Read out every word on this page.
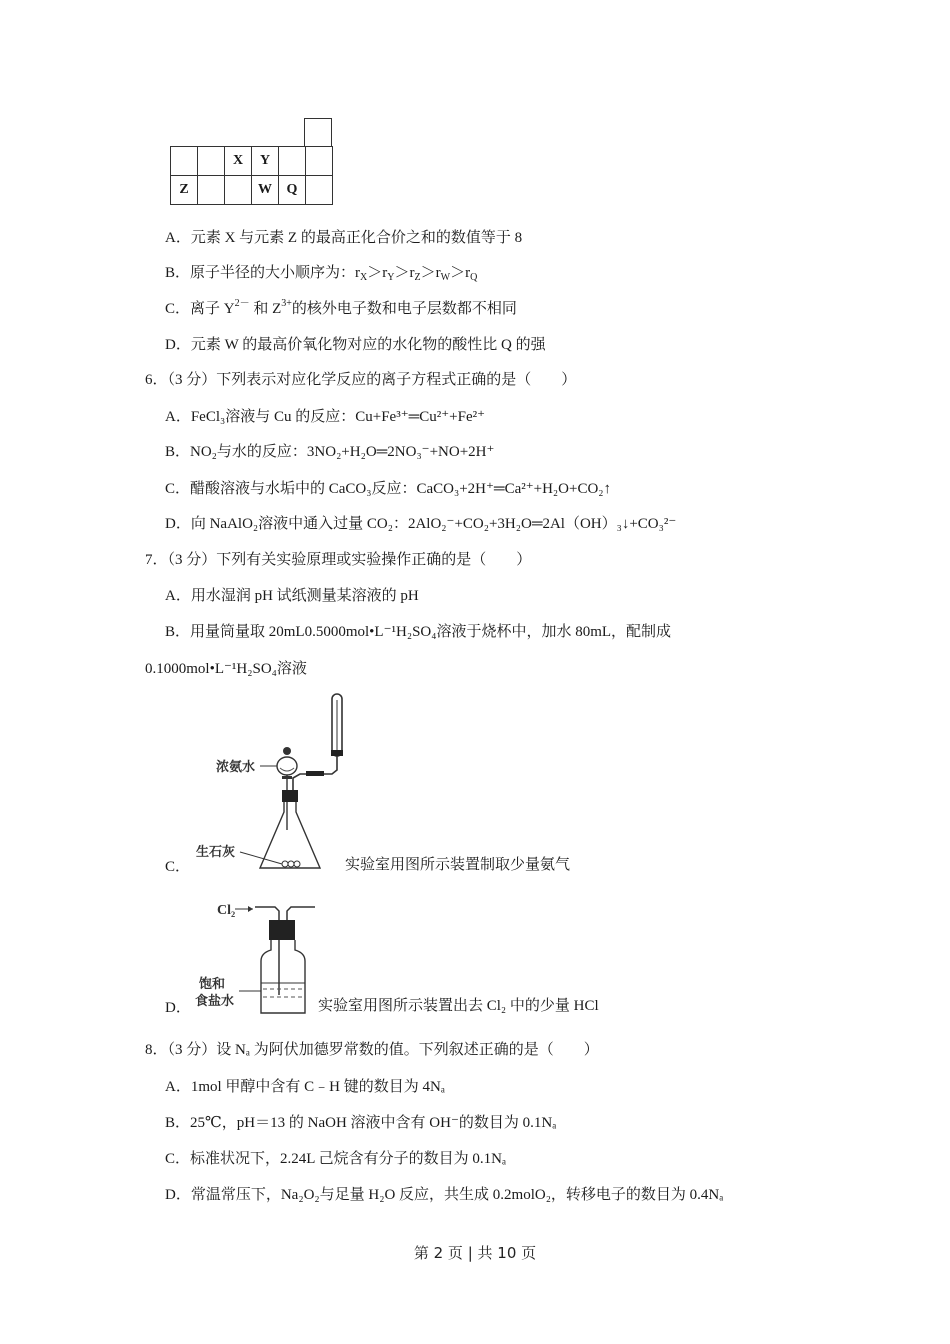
		X	Y		
Z			W	Q	
A．元素 X 与元素 Z 的最高正化合价之和的数值等于 8
B．原子半径的大小顺序为：$r_X>r_Y>r_Z>r_W>r_Q$
C．离子 $Y^{2-}$ 和 $Z^{3+}$的核外电子数和电子层数都不相同
D．元素 W 的最高价氧化物对应的水化物的酸性比 Q 的强
6．（3 分）下列表示对应化学反应的离子方程式正确的是（　　）
A．FeCl₃溶液与 Cu 的反应：Cu+Fe³⁺═Cu²⁺+Fe²⁺
B．NO₂与水的反应：3NO₂+H₂O═2NO₃⁻+NO+2H⁺
C．醋酸溶液与水垢中的 CaCO₃反应：CaCO₃+2H⁺═Ca²⁺+H₂O+CO₂↑
D．向 NaAlO₂溶液中通入过量 CO₂：2AlO₂⁻+CO₂+3H₂O═2Al（OH）₃↓+CO₃²⁻
7．（3 分）下列有关实验原理或实验操作正确的是（　　）
A．用水湿润 pH 试纸测量某溶液的 pH
B．用量筒量取 20mL0.5000mol•L⁻¹H₂SO₄溶液于烧杯中，加水 80mL，配制成
0.1000mol•L⁻¹H₂SO₄溶液
浓氨水
生石灰
C．	实验室用图所示装置制取少量氨气
Cl₂
饱和
食盐水
D．	实验室用图所示装置出去 Cl₂ 中的少量 HCl
8．（3 分）设 Nₐ 为阿伏加德罗常数的值。下列叙述正确的是（　　）
A．1mol 甲醇中含有 C﹣H 键的数目为 4Nₐ
B．25℃，pH＝13 的 NaOH 溶液中含有 OH⁻的数目为 0.1Nₐ
C．标准状况下，2.24L 己烷含有分子的数目为 0.1Nₐ
D．常温常压下，Na₂O₂与足量 H₂O 反应，共生成 0.2molO₂，转移电子的数目为 0.4Nₐ
第 2 页 | 共 10 页
